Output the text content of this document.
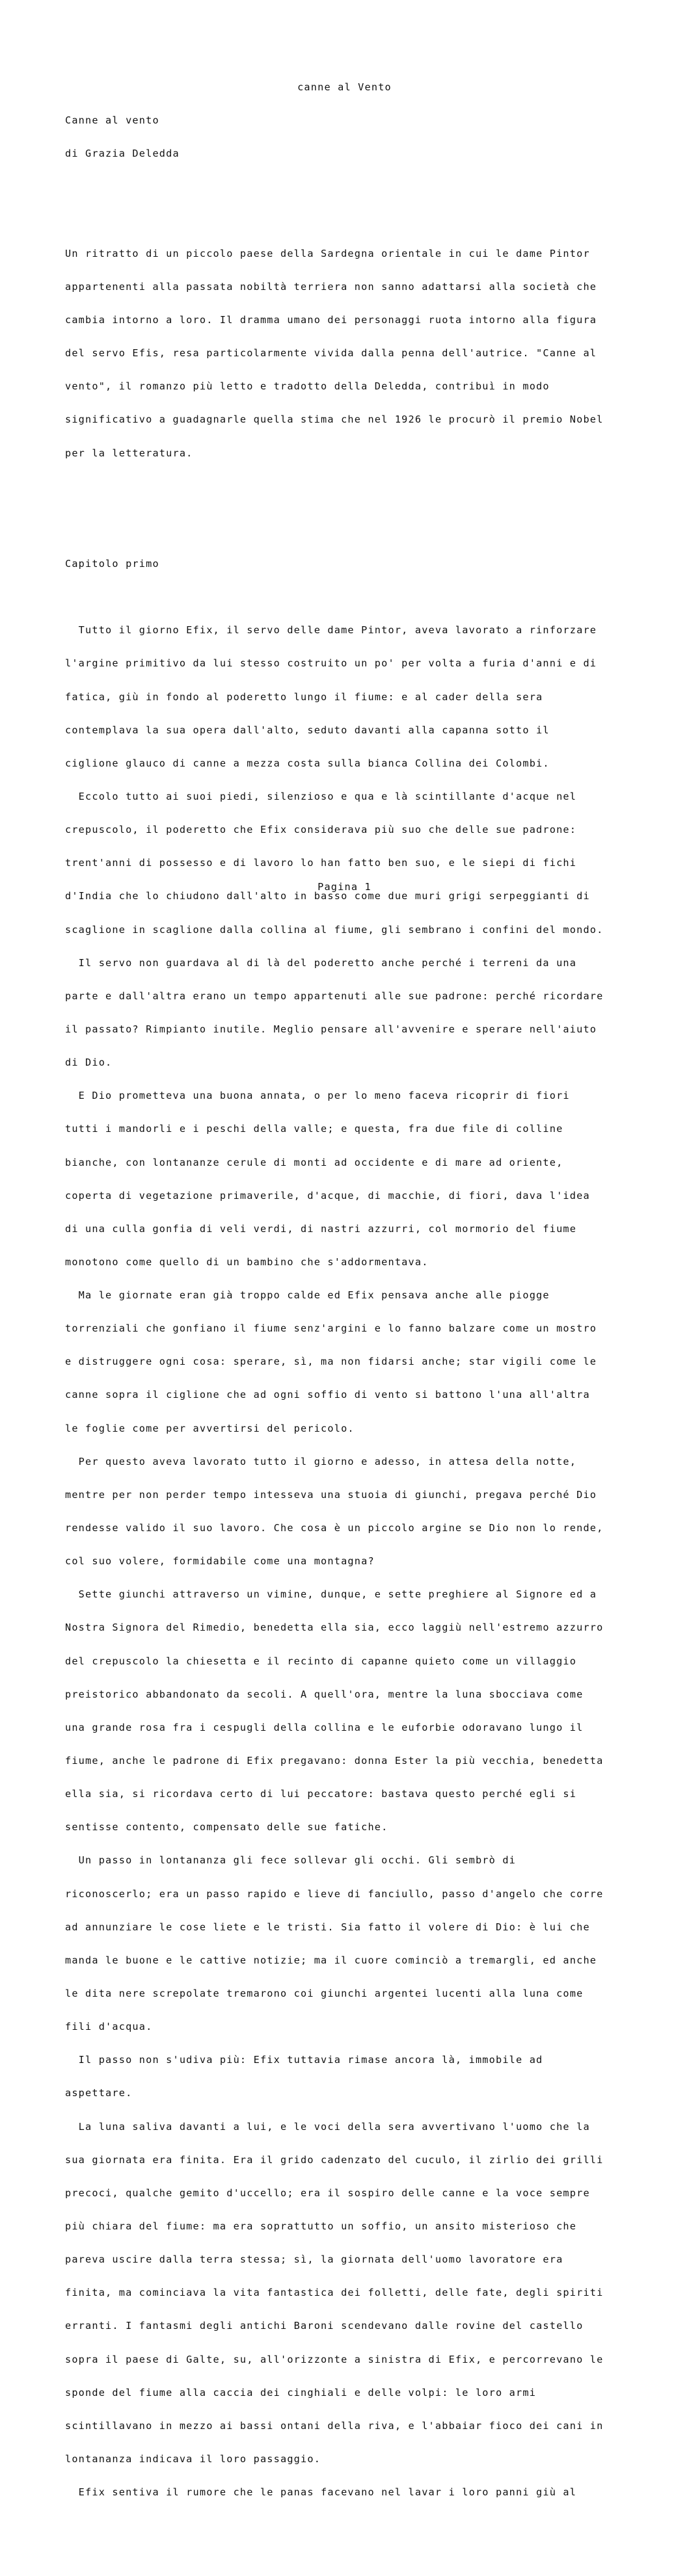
canne al Vento

Canne al vento

di Grazia Deledda

Un ritratto di un piccolo paese della Sardegna orientale in cui le dame Pintor

appartenenti alla passata nobiltà terriera non sanno adattarsi alla società che

cambia intorno a loro. Il dramma umano dei personaggi ruota intorno alla figura

del servo Efis, resa particolarmente vivida dalla penna dell'autrice. "Canne al

vento", il romanzo più letto e tradotto della Deledda, contribuì in modo

significativo a guadagnarle quella stima che nel 1926 le procurò il premio Nobel

per la letteratura.

Capitolo primo

Tutto il giorno Efix, il servo delle dame Pintor, aveva lavorato a rinforzare

l'argine primitivo da lui stesso costruito un po' per volta a furia d'anni e di

fatica, giù in fondo al poderetto lungo il fiume: e al cader della sera

contemplava la sua opera dall'alto, seduto davanti alla capanna sotto il

ciglione glauco di canne a mezza costa sulla bianca Collina dei Colombi.

Eccolo tutto ai suoi piedi, silenzioso e qua e là scintillante d'acque nel

crepuscolo, il poderetto che Efix considerava più suo che delle sue padrone:

trent'anni di possesso e di lavoro lo han fatto ben suo, e le siepi di fichi

d'India che lo chiudono dall'alto in basso come due muri grigi serpeggianti di

scaglione in scaglione dalla collina al fiume, gli sembrano i confini del mondo.

Il servo non guardava al di là del poderetto anche perché i terreni da una

parte e dall'altra erano un tempo appartenuti alle sue padrone: perché ricordare

il passato? Rimpianto inutile. Meglio pensare all'avvenire e sperare nell'aiuto

di Dio.

E Dio prometteva una buona annata, o per lo meno faceva ricoprir di fiori

tutti i mandorli e i peschi della valle; e questa, fra due file di colline

bianche, con lontananze cerule di monti ad occidente e di mare ad oriente,

coperta di vegetazione primaverile, d'acque, di macchie, di fiori, dava l'idea

di una culla gonfia di veli verdi, di nastri azzurri, col mormorio del fiume

monotono come quello di un bambino che s'addormentava.

Ma le giornate eran già troppo calde ed Efix pensava anche alle piogge

torrenziali che gonfiano il fiume senz'argini e lo fanno balzare come un mostro

e distruggere ogni cosa: sperare, sì, ma non fidarsi anche; star vigili come le

canne sopra il ciglione che ad ogni soffio di vento si battono l'una all'altra

le foglie come per avvertirsi del pericolo.

Per questo aveva lavorato tutto il giorno e adesso, in attesa della notte,

mentre per non perder tempo intesseva una stuoia di giunchi, pregava perché Dio

rendesse valido il suo lavoro. Che cosa è un piccolo argine se Dio non lo rende,

col suo volere, formidabile come una montagna?

Sette giunchi attraverso un vimine, dunque, e sette preghiere al Signore ed a

Nostra Signora del Rimedio, benedetta ella sia, ecco laggiù nell'estremo azzurro

del crepuscolo la chiesetta e il recinto di capanne quieto come un villaggio

preistorico abbandonato da secoli. A quell'ora, mentre la luna sbocciava come

una grande rosa fra i cespugli della collina e le euforbie odoravano lungo il

fiume, anche le padrone di Efix pregavano: donna Ester la più vecchia, benedetta

ella sia, si ricordava certo di lui peccatore: bastava questo perché egli si

sentisse contento, compensato delle sue fatiche.

Un passo in lontananza gli fece sollevar gli occhi. Gli sembrò di

riconoscerlo; era un passo rapido e lieve di fanciullo, passo d'angelo che corre

ad annunziare le cose liete e le tristi. Sia fatto il volere di Dio: è lui che

manda le buone e le cattive notizie; ma il cuore cominciò a tremargli, ed anche

le dita nere screpolate tremarono coi giunchi argentei lucenti alla luna come

fili d'acqua.

Il passo non s'udiva più: Efix tuttavia rimase ancora là, immobile ad

aspettare.

La luna saliva davanti a lui, e le voci della sera avvertivano l'uomo che la

sua giornata era finita. Era il grido cadenzato del cuculo, il zirlio dei grilli

precoci, qualche gemito d'uccello; era il sospiro delle canne e la voce sempre

più chiara del fiume: ma era soprattutto un soffio, un ansito misterioso che

pareva uscire dalla terra stessa; sì, la giornata dell'uomo lavoratore era

finita, ma cominciava la vita fantastica dei folletti, delle fate, degli spiriti

erranti. I fantasmi degli antichi Baroni scendevano dalle rovine del castello

sopra il paese di Galte, su, all'orizzonte a sinistra di Efix, e percorrevano le

sponde del fiume alla caccia dei cinghiali e delle volpi: le loro armi

scintillavano in mezzo ai bassi ontani della riva, e l'abbaiar fioco dei cani in

lontananza indicava il loro passaggio.

Efix sentiva il rumore che le panas facevano nel lavar i loro panni giù al

Pagina 1
